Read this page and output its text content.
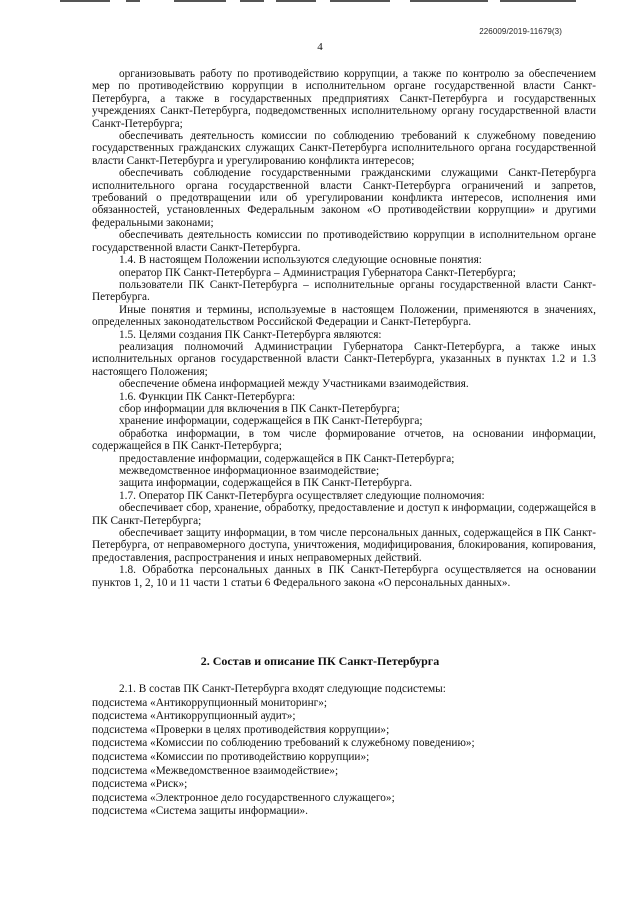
226009/2019-11679(3)
4

организовывать работу по противодействию коррупции, а также по контролю за обеспечением мер по противодействию коррупции в исполнительном органе государственной власти Санкт-Петербурга, а также в государственных предприятиях Санкт-Петербурга и государственных учреждениях Санкт-Петербурга, подведомственных исполнительному органу государственной власти Санкт-Петербурга;

обеспечивать деятельность комиссии по соблюдению требований к служебному поведению государственных гражданских служащих Санкт-Петербурга исполнительного органа государственной власти Санкт-Петербурга и урегулированию конфликта интересов;

обеспечивать соблюдение государственными гражданскими служащими Санкт-Петербурга исполнительного органа государственной власти Санкт-Петербурга ограничений и запретов, требований о предотвращении или об урегулировании конфликта интересов, исполнения ими обязанностей, установленных Федеральным законом «О противодействии коррупции» и другими федеральными законами;

обеспечивать деятельность комиссии по противодействию коррупции в исполнительном органе государственной власти Санкт-Петербурга.

1.4. В настоящем Положении используются следующие основные понятия:

оператор ПК Санкт-Петербурга – Администрация Губернатора Санкт-Петербурга;

пользователи ПК Санкт-Петербурга – исполнительные органы государственной власти Санкт-Петербурга.

Иные понятия и термины, используемые в настоящем Положении, применяются в значениях, определенных законодательством Российской Федерации и Санкт-Петербурга.

1.5. Целями создания ПК Санкт-Петербурга являются:

реализация полномочий Администрации Губернатора Санкт-Петербурга, а также иных исполнительных органов государственной власти Санкт-Петербурга, указанных в пунктах 1.2 и 1.3 настоящего Положения;

обеспечение обмена информацией между Участниками взаимодействия.

1.6. Функции ПК Санкт-Петербурга:

сбор информации для включения в ПК Санкт-Петербурга;

хранение информации, содержащейся в ПК Санкт-Петербурга;

обработка информации, в том числе формирование отчетов, на основании информации, содержащейся в ПК Санкт-Петербурга;

предоставление информации, содержащейся в ПК Санкт-Петербурга;

межведомственное информационное взаимодействие;

защита информации, содержащейся в ПК Санкт-Петербурга.

1.7. Оператор ПК Санкт-Петербурга осуществляет следующие полномочия:

обеспечивает сбор, хранение, обработку, предоставление и доступ к информации, содержащейся в ПК Санкт-Петербурга;

обеспечивает защиту информации, в том числе персональных данных, содержащейся в ПК Санкт-Петербурга, от неправомерного доступа, уничтожения, модифицирования, блокирования, копирования, предоставления, распространения и иных неправомерных действий.

1.8. Обработка персональных данных в ПК Санкт-Петербурга осуществляется на основании пунктов 1, 2, 10 и 11 части 1 статьи 6 Федерального закона «О персональных данных».

2. Состав и описание ПК Санкт-Петербурга

2.1. В состав ПК Санкт-Петербурга входят следующие подсистемы:

подсистема «Антикоррупционный мониторинг»;

подсистема «Антикоррупционный аудит»;

подсистема «Проверки в целях противодействия коррупции»;

подсистема «Комиссии по соблюдению требований к служебному поведению»;

подсистема «Комиссии по противодействию коррупции»;

подсистема «Межведомственное взаимодействие»;

подсистема «Риск»;

подсистема «Электронное дело государственного служащего»;

подсистема «Система защиты информации».
